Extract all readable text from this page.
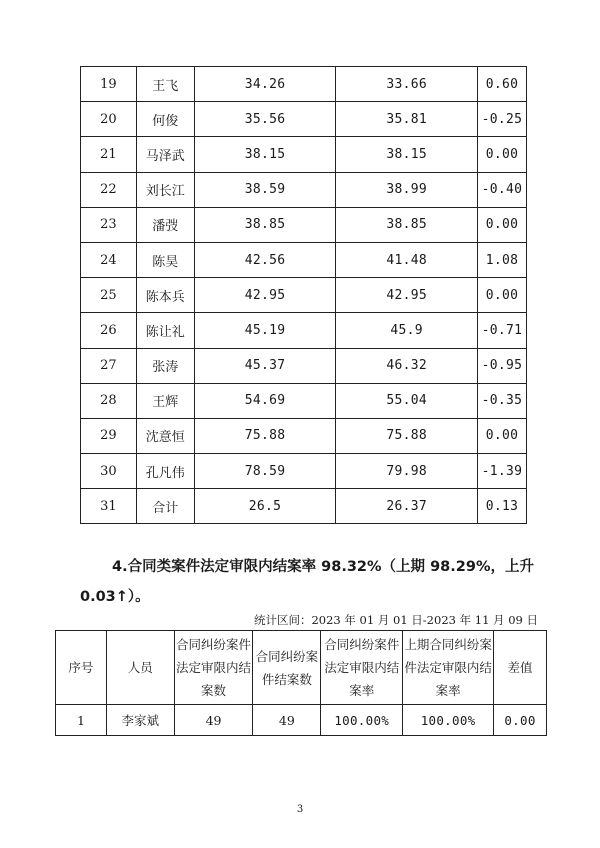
19	王飞	34.26	33.66	0.60
20	何俊	35.56	35.81	-0.25
21	马泽武	38.15	38.15	0.00
22	刘长江	38.59	38.99	-0.40
23	潘弢	38.85	38.85	0.00
24	陈昊	42.56	41.48	1.08
25	陈本兵	42.95	42.95	0.00
26	陈让礼	45.19	45.9	-0.71
27	张涛	45.37	46.32	-0.95
28	王辉	54.69	55.04	-0.35
29	沈意恒	75.88	75.88	0.00
30	孔凡伟	78.59	79.98	-1.39
31	合计	26.5	26.37	0.13

4.合同类案件法定审限内结案率 98.32%（上期 98.29%，上升 0.03↑）。

统计区间：2023 年 01 月 01 日-2023 年 11 月 09 日

序号	人员	合同纠纷案件法定审限内结案数	合同纠纷案件结案数	合同纠纷案件法定审限内结案率	上期合同纠纷案件法定审限内结案率	差值
1	李家斌	49	49	100.00%	100.00%	0.00

3
